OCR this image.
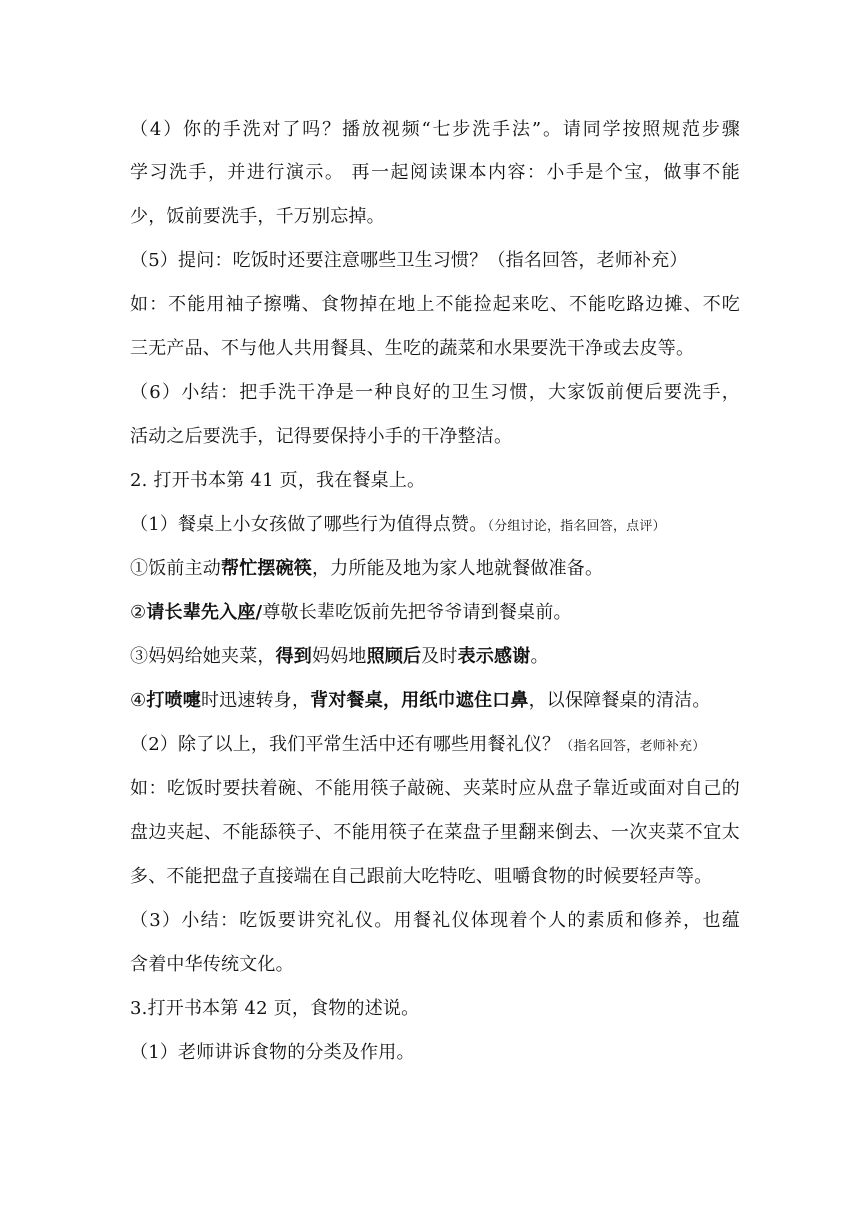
（4）你的手洗对了吗？播放视频“七步洗手法”。请同学按照规范步骤
学习洗手，并进行演示。 再一起阅读课本内容：小手是个宝，做事不能
少，饭前要洗手，千万别忘掉。
（5）提问：吃饭时还要注意哪些卫生习惯？（指名回答，老师补充）
如：不能用袖子擦嘴、食物掉在地上不能捡起来吃、不能吃路边摊、不吃
三无产品、不与他人共用餐具、生吃的蔬菜和水果要洗干净或去皮等。
（6）小结：把手洗干净是一种良好的卫生习惯，大家饭前便后要洗手，
活动之后要洗手，记得要保持小手的干净整洁。
2. 打开书本第 41 页，我在餐桌上。
（1）餐桌上小女孩做了哪些行为值得点赞。（分组讨论，指名回答，点评）
①饭前主动帮忙摆碗筷，力所能及地为家人地就餐做准备。
②请长辈先入座/尊敬长辈吃饭前先把爷爷请到餐桌前。
③妈妈给她夹菜，得到妈妈地照顾后及时表示感谢。
④打喷嚏时迅速转身，背对餐桌，用纸巾遮住口鼻，以保障餐桌的清洁。
（2）除了以上，我们平常生活中还有哪些用餐礼仪？（指名回答，老师补充）
如：吃饭时要扶着碗、不能用筷子敲碗、夹菜时应从盘子靠近或面对自己的
盘边夹起、不能舔筷子、不能用筷子在菜盘子里翻来倒去、一次夹菜不宜太
多、不能把盘子直接端在自己跟前大吃特吃、咀嚼食物的时候要轻声等。
（3）小结：吃饭要讲究礼仪。用餐礼仪体现着个人的素质和修养，也蕴
含着中华传统文化。
3.打开书本第 42 页，食物的述说。
（1）老师讲诉食物的分类及作用。
